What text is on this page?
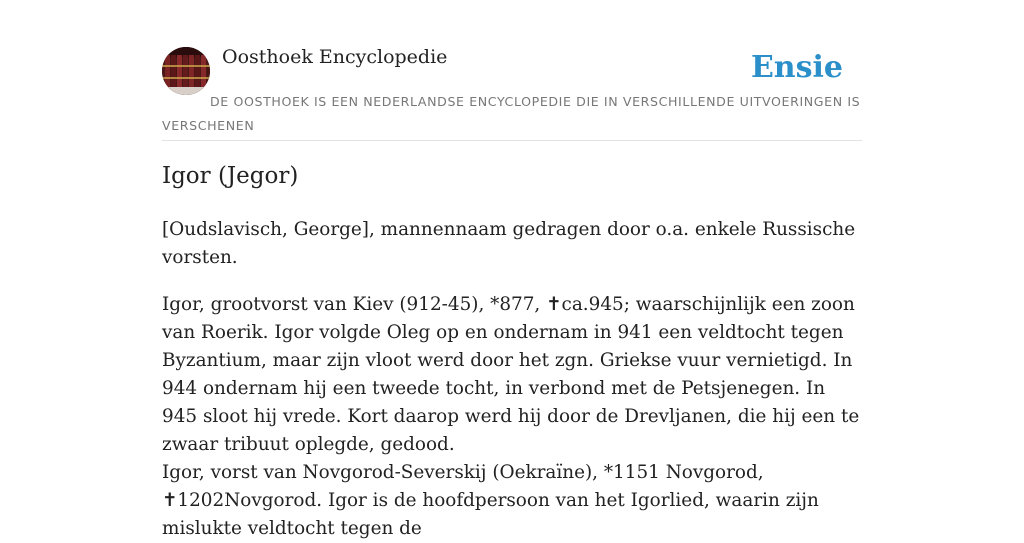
Oosthoek Encyclopedie	Ensie
DE OOSTHOEK IS EEN NEDERLANDSE ENCYCLOPEDIE DIE IN VERSCHILLENDE UITVOERINGEN IS VERSCHENEN
Igor (Jegor)

[Oudslavisch, George], mannennaam gedragen door o.a. enkele Russische vorsten.

Igor, grootvorst van Kiev (912-45), *877, ✝ca.945; waarschijnlijk een zoon van Roerik. Igor volgde Oleg op en ondernam in 941 een veldtocht tegen Byzantium, maar zijn vloot werd door het zgn. Griekse vuur vernietigd. In 944 ondernam hij een tweede tocht, in verbond met de Petsjenegen. In 945 sloot hij vrede. Kort daarop werd hij door de Drevljanen, die hij een te zwaar tribuut oplegde, gedood.

Igor, vorst van Novgorod-Severskij (Oekraïne), *1151 Novgorod, ✝1202Novgorod. Igor is de hoofdpersoon van het Igorlied, waarin zijn mislukte veldtocht tegen de
